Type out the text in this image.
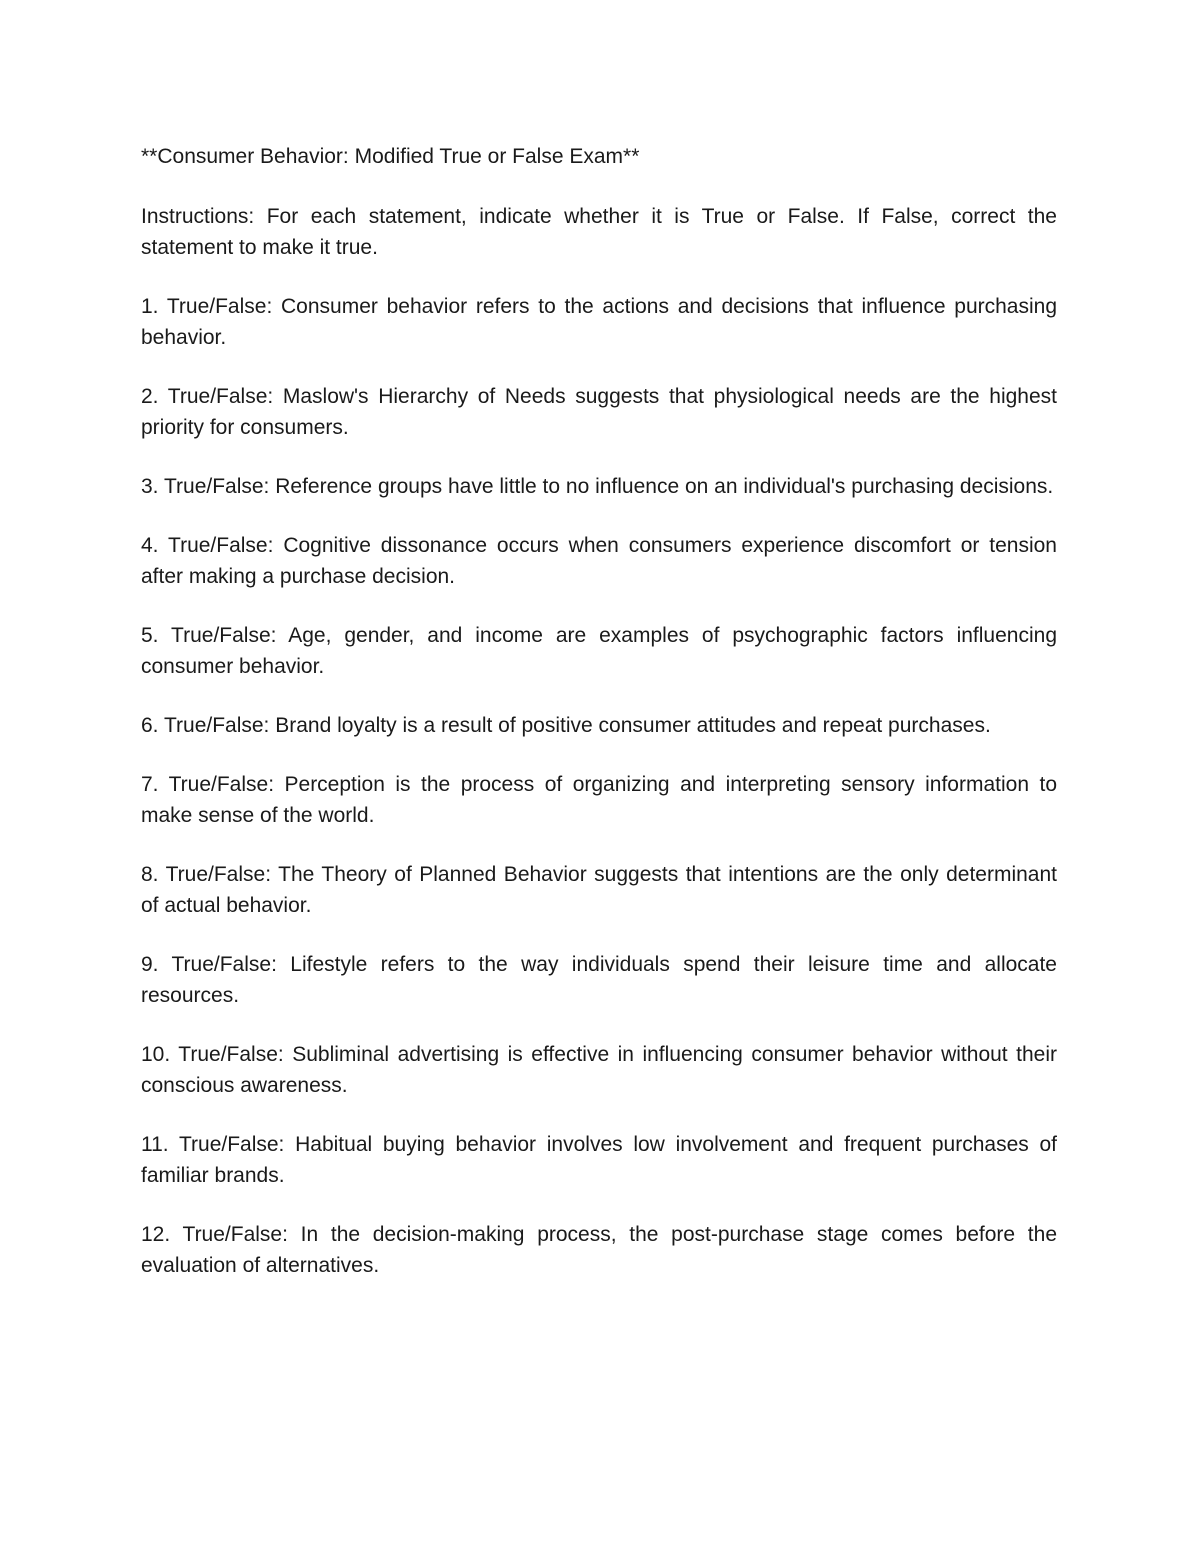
**Consumer Behavior: Modified True or False Exam**

Instructions: For each statement, indicate whether it is True or False. If False, correct the statement to make it true.

1. True/False: Consumer behavior refers to the actions and decisions that influence purchasing behavior.

2. True/False: Maslow's Hierarchy of Needs suggests that physiological needs are the highest priority for consumers.

3. True/False: Reference groups have little to no influence on an individual's purchasing decisions.

4. True/False: Cognitive dissonance occurs when consumers experience discomfort or tension after making a purchase decision.

5. True/False: Age, gender, and income are examples of psychographic factors influencing consumer behavior.

6. True/False: Brand loyalty is a result of positive consumer attitudes and repeat purchases.

7. True/False: Perception is the process of organizing and interpreting sensory information to make sense of the world.

8. True/False: The Theory of Planned Behavior suggests that intentions are the only determinant of actual behavior.

9. True/False: Lifestyle refers to the way individuals spend their leisure time and allocate resources.

10. True/False: Subliminal advertising is effective in influencing consumer behavior without their conscious awareness.

11. True/False: Habitual buying behavior involves low involvement and frequent purchases of familiar brands.

12. True/False: In the decision-making process, the post-purchase stage comes before the evaluation of alternatives.
